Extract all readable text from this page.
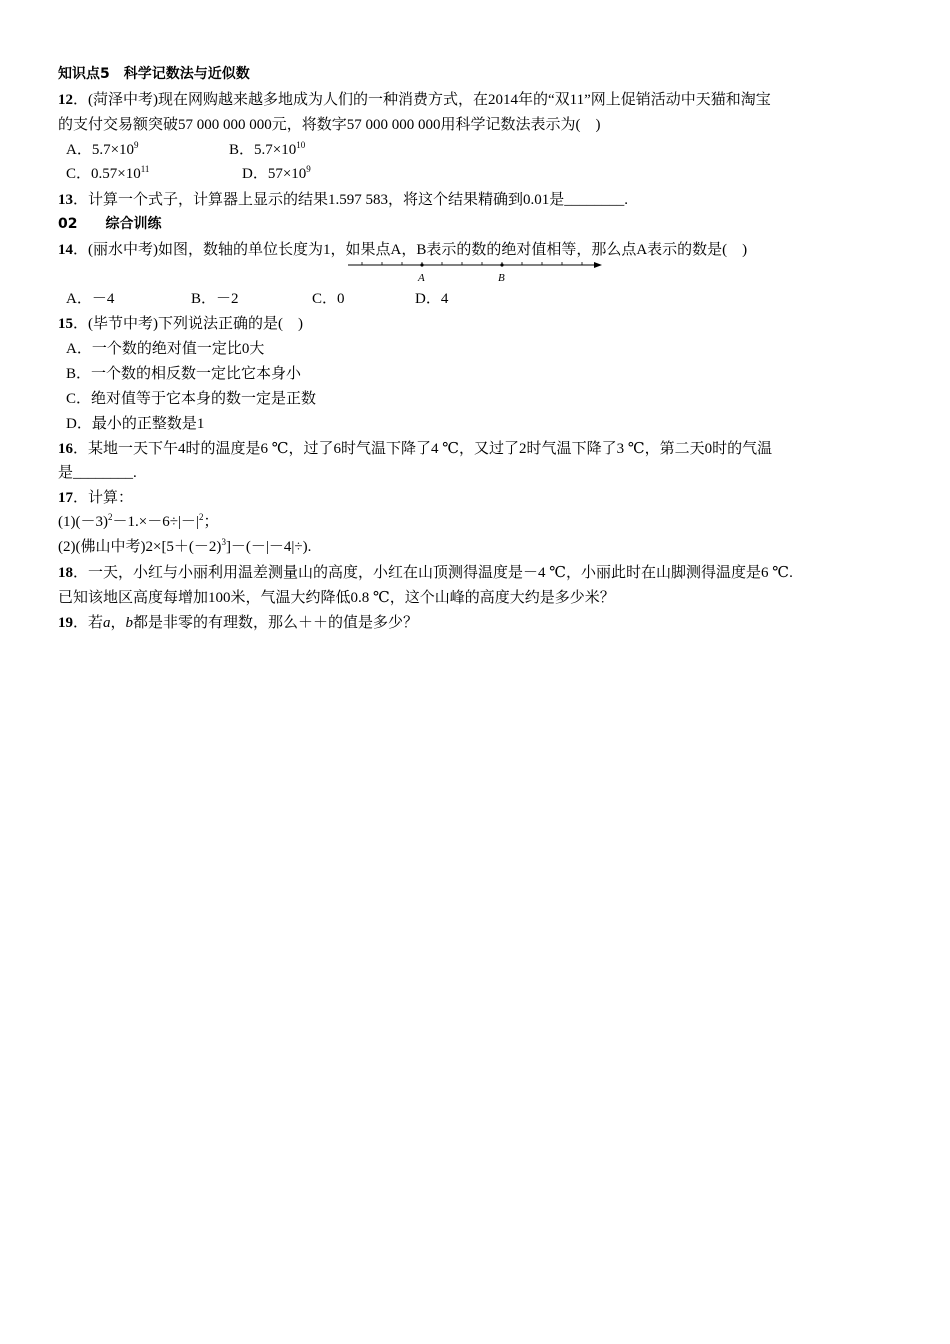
知识点5　科学记数法与近似数
12．(菏泽中考)现在网购越来越多地成为人们的一种消费方式，在2014年的“双11”网上促销活动中天猫和淘宝
的支付交易额突破57 000 000 000元，将数字57 000 000 000用科学记数法表示为(　)
A．$5.7\times 10^9$	B．$5.7\times 10^{10}$
C．$0.57\times 10^{11}$	D．$57\times 10^9$
13．计算一个式子，计算器上显示的结果1.597 583，将这个结果精确到0.01是________.
02　　综合训练
14．(丽水中考)如图，数轴的单位长度为1，如果点A，B表示的数的绝对值相等，那么点A表示的数是(　)
A	B
A．－4	B．－2	C．0	D．4
15．(毕节中考)下列说法正确的是(　)
A．一个数的绝对值一定比0大
B．一个数的相反数一定比它本身小
C．绝对值等于它本身的数一定是正数
D．最小的正整数是1
16．某地一天下午4时的温度是6 ℃，过了6时气温下降了4 ℃，又过了2时气温下降了3 ℃，第二天0时的气温
是________.
17．计算：
$(1)(-3)^2-1.\times-6\div|-|^2$；
(2)(佛山中考)$2\times[5+(-2)^3]-(-|-4|\div)$.
18．一天，小红与小丽利用温差测量山的高度，小红在山顶测得温度是－4 ℃，小丽此时在山脚测得温度是6 ℃.
已知该地区高度每增加100米，气温大约降低0.8 ℃，这个山峰的高度大约是多少米？
19．若a，b都是非零的有理数，那么＋＋的值是多少？
